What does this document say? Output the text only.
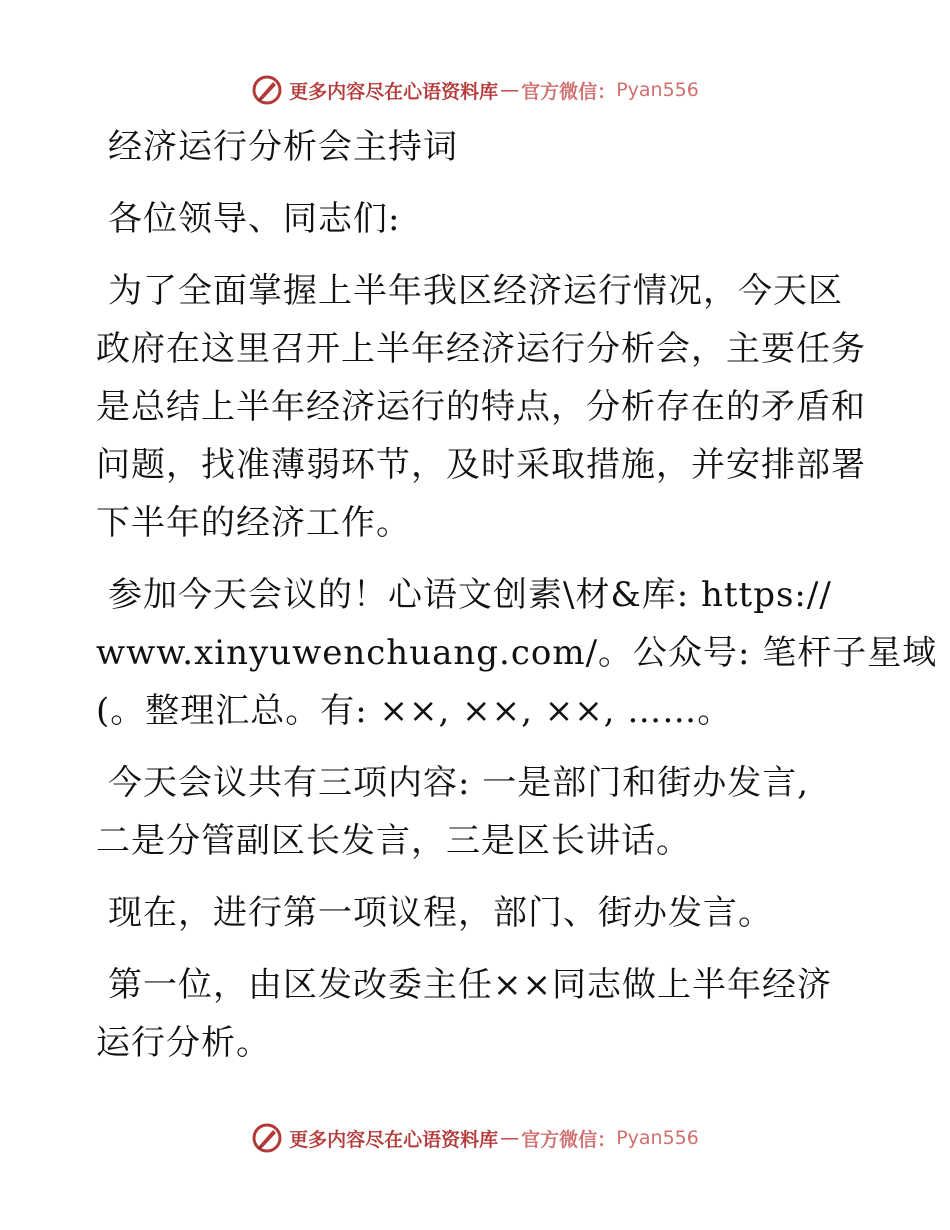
更多内容尽在心语资料库 — 官方微信： Pyan556
经济运行分析会主持词
各位领导、同志们:
为了全面掌握上半年我区经济运行情况，今天区
政府在这里召开上半年经济运行分析会，主要任务
是总结上半年经济运行的特点，分析存在的矛盾和
问题，找准薄弱环节，及时采取措施，并安排部署
下半年的经济工作。
参加今天会议的！心语文创素\材&库: https://
www.xinyuwenchuang.com/。公众号: 笔杆子星域
(。整理汇总。有: ××, ××, ××, ……。
今天会议共有三项内容: 一是部门和街办发言,
二是分管副区长发言，三是区长讲话。
现在，进行第一项议程，部门、街办发言。
第一位，由区发改委主任××同志做上半年经济
运行分析。
更多内容尽在心语资料库 — 官方微信： Pyan556
